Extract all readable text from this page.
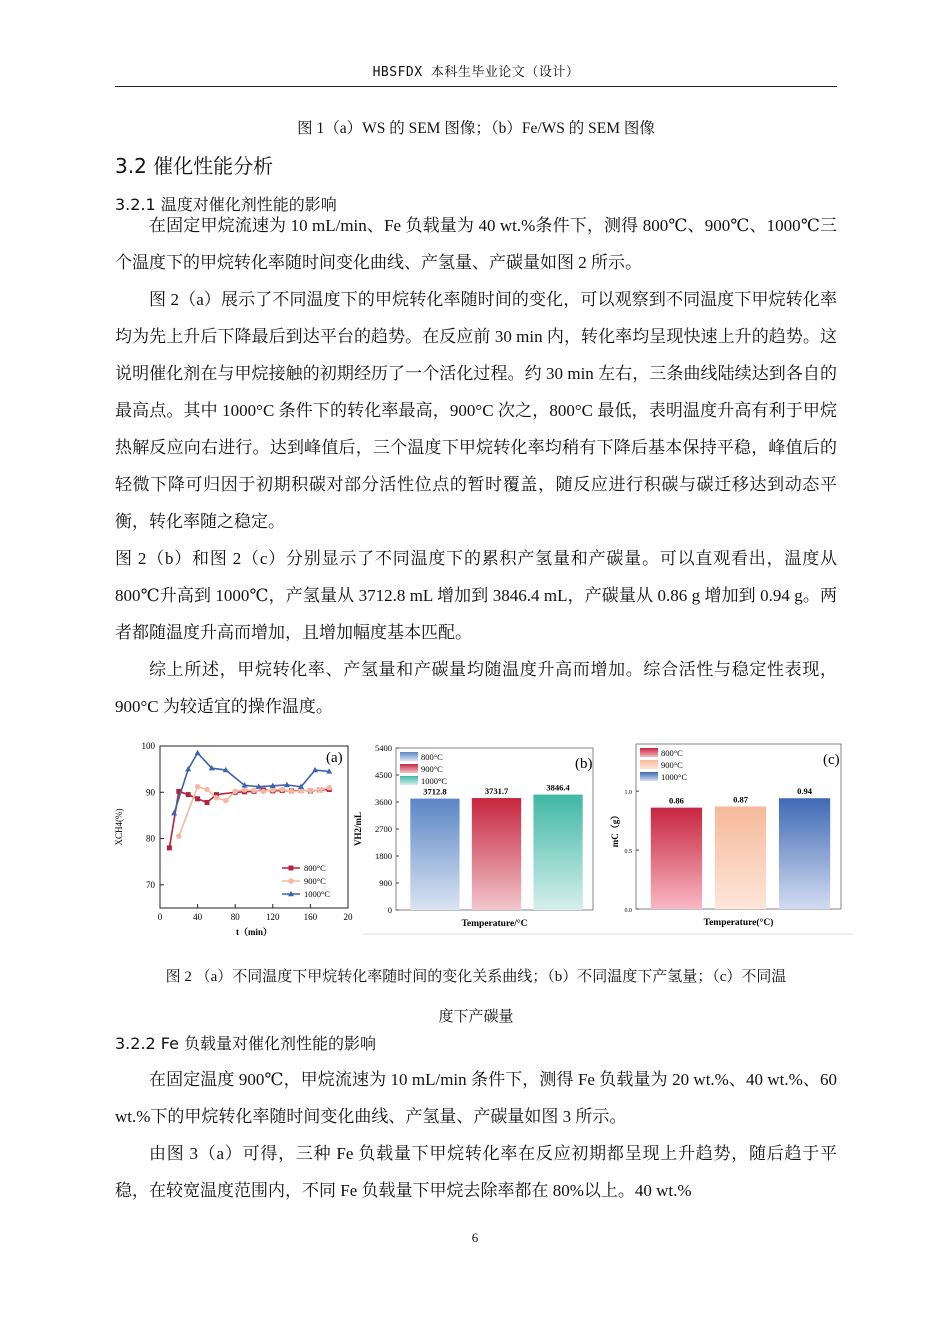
HBSFDX 本科生毕业论文（设计）
图 1（a）WS 的 SEM 图像；（b）Fe/WS 的 SEM 图像
3.2 催化性能分析
3.2.1 温度对催化剂性能的影响

在固定甲烷流速为 10 mL/min、Fe 负载量为 40 wt.%条件下，测得 800℃、900℃、1000℃三个温度下的甲烷转化率随时间变化曲线、产氢量、产碳量如图 2 所示。

图 2（a）展示了不同温度下的甲烷转化率随时间的变化，可以观察到不同温度下甲烷转化率均为先上升后下降最后到达平台的趋势。在反应前 30 min 内，转化率均呈现快速上升的趋势。这说明催化剂在与甲烷接触的初期经历了一个活化过程。约 30 min 左右，三条曲线陆续达到各自的最高点。其中 1000°C 条件下的转化率最高，900°C 次之，800°C 最低，表明温度升高有利于甲烷热解反应向右进行。达到峰值后，三个温度下甲烷转化率均稍有下降后基本保持平稳，峰值后的轻微下降可归因于初期积碳对部分活性位点的暂时覆盖，随反应进行积碳与碳迁移达到动态平衡，转化率随之稳定。

图 2（b）和图 2（c）分别显示了不同温度下的累积产氢量和产碳量。可以直观看出，温度从 800℃升高到 1000℃，产氢量从 3712.8 mL 增加到 3846.4 mL，产碳量从 0.86 g 增加到 0.94 g。两者都随温度升高而增加，且增加幅度基本匹配。

综上所述，甲烷转化率、产氢量和产碳量均随温度升高而增加。综合活性与稳定性表现，900°C 为较适宜的操作温度。

70
80
90
100
0	40	80	120	160	20
t（min）
XCH4(%)
(a)
800°C
900°C
1000°C
0
900
1800
2700
3600
4500
5400
3712.8	3731.7	3846.4
800°C
900°C
1000°C
(b)
Temperature/°C
VH2/mL
0.0
0.5
1.0
0.86	0.87
0.94
800°C
900°C
1000°C
(c)
Temperature(°C)
mC（g）
图 2 （a）不同温度下甲烷转化率随时间的变化关系曲线；（b）不同温度下产氢量；（c）不同温
度下产碳量
3.2.2 Fe 负载量对催化剂性能的影响

在固定温度 900℃，甲烷流速为 10 mL/min 条件下，测得 Fe 负载量为 20 wt.%、40 wt.%、60 wt.%下的甲烷转化率随时间变化曲线、产氢量、产碳量如图 3 所示。

由图 3（a）可得，三种 Fe 负载量下甲烷转化率在反应初期都呈现上升趋势，随后趋于平稳，在较宽温度范围内，不同 Fe 负载量下甲烷去除率都在 80%以上。40 wt.%

6
